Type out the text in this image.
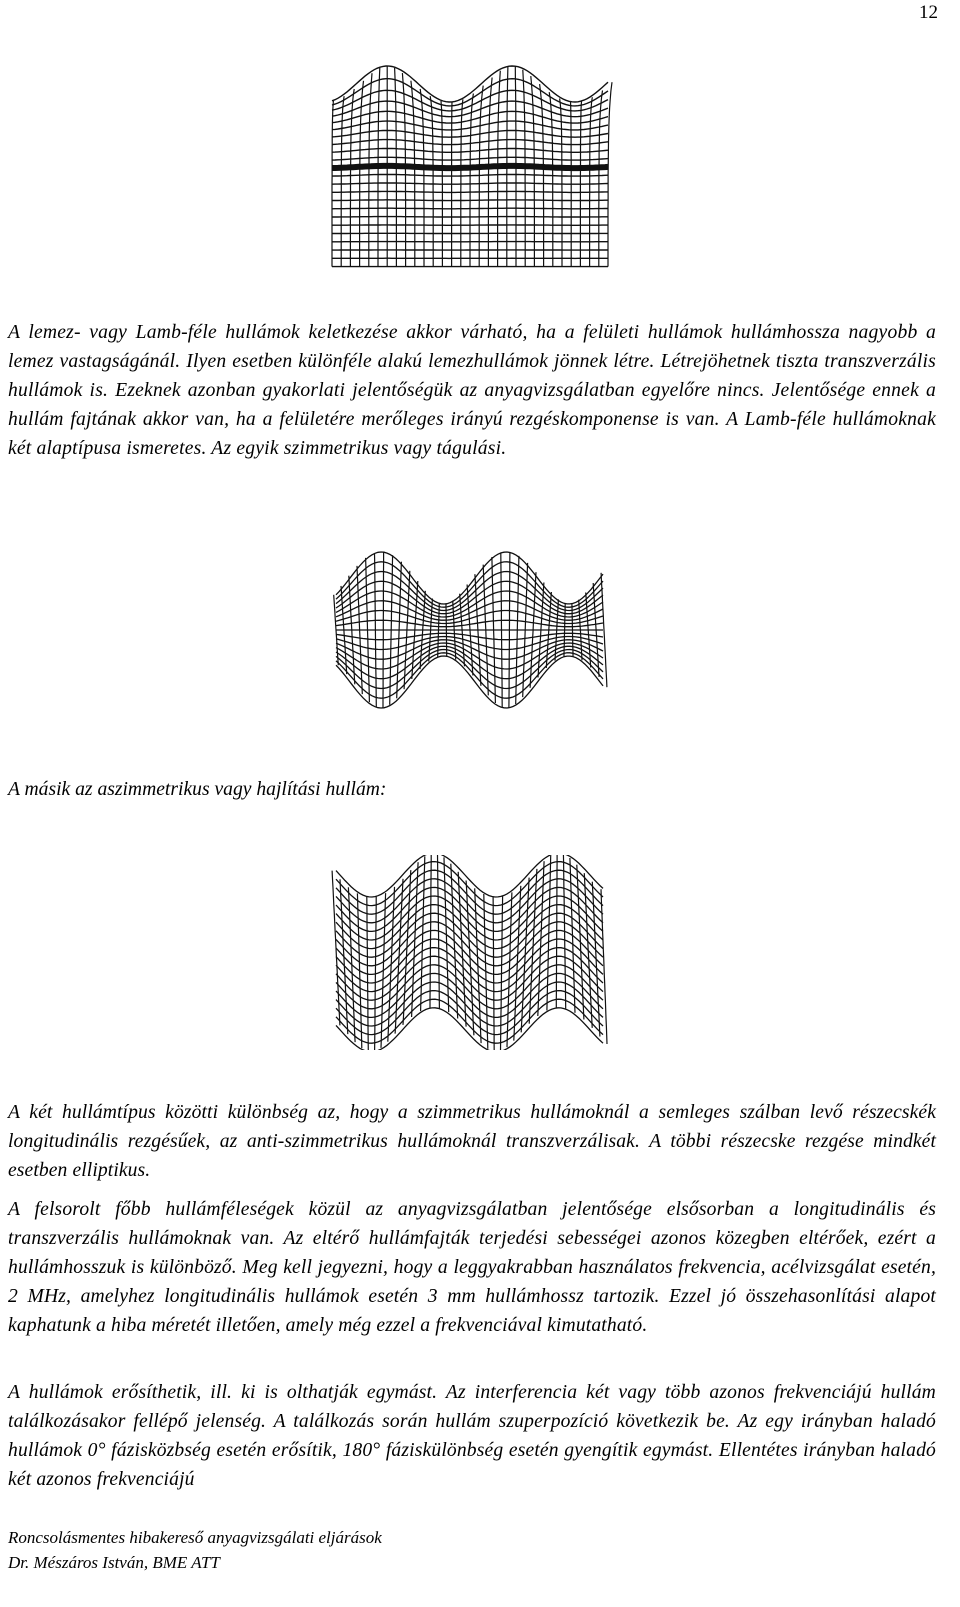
12

A lemez- vagy Lamb-féle hullámok keletkezése akkor várható, ha a felületi hullámok hullámhossza nagyobb a lemez vastagságánál. Ilyen esetben különféle alakú lemezhullámok jönnek létre. Létrejöhetnek tiszta transzverzális hullámok is. Ezeknek azonban gyakorlati jelentőségük az anyagvizsgálatban egyelőre nincs. Jelentősége ennek a hullám fajtának akkor van, ha a felületére merőleges irányú rezgéskomponense is van. A Lamb-féle hullámoknak két alaptípusa ismeretes. Az egyik szimmetrikus vagy tágulási.

A másik az aszimmetrikus vagy hajlítási hullám:

A két hullámtípus közötti különbség az, hogy a szimmetrikus hullámoknál a semleges szálban levő részecskék longitudinális rezgésűek, az anti-szimmetrikus hullámoknál transzverzálisak. A többi részecske rezgése mindkét esetben elliptikus.

A felsorolt főbb hullámféleségek közül az anyagvizsgálatban jelentősége elsősorban a longitudinális és transzverzális hullámoknak van. Az eltérő hullámfajták terjedési sebességei azonos közegben eltérőek, ezért a hullámhosszuk is különböző. Meg kell jegyezni, hogy a leggyakrabban használatos frekvencia, acélvizsgálat esetén, 2 MHz, amelyhez longitudinális hullámok esetén 3 mm hullámhossz tartozik. Ezzel jó összehasonlítási alapot kaphatunk a hiba méretét illetően, amely még ezzel a frekvenciával kimutatható.

A hullámok erősíthetik, ill. ki is olthatják egymást. Az interferencia két vagy több azonos frekvenciájú hullám találkozásakor fellépő jelenség. A találkozás során hullám szuperpozíció következik be. Az egy irányban haladó hullámok 0° fázisközbség esetén erősítik, 180° fáziskülönbség esetén gyengítik egymást. Ellentétes irányban haladó két azonos frekvenciájú

Roncsolásmentes hibakereső anyagvizsgálati eljárások
Dr. Mészáros István, BME ATT
